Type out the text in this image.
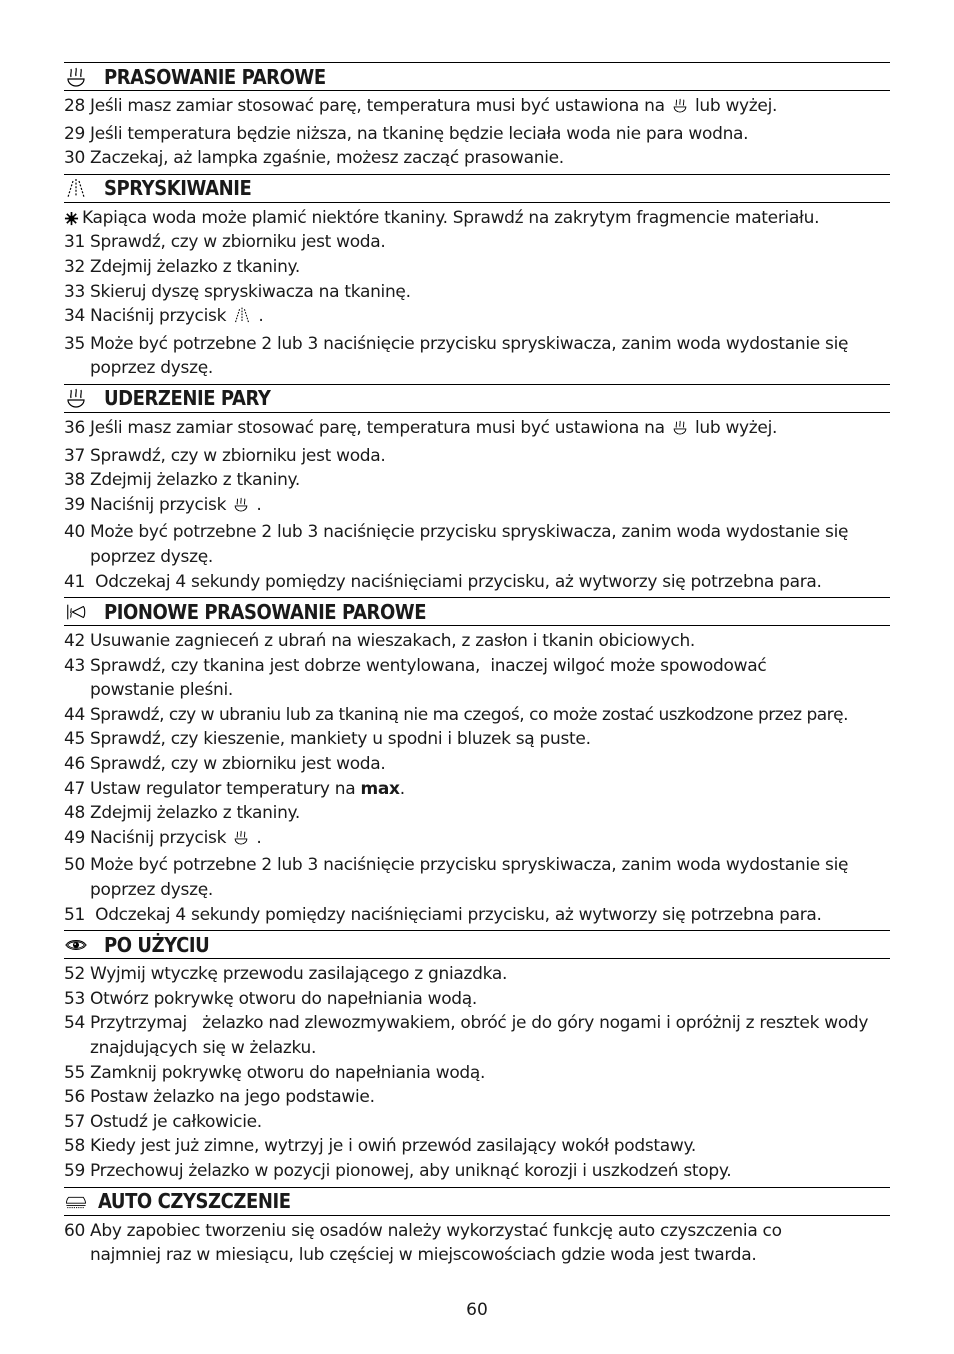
PRASOWANIE PAROWE
28 Jeśli masz zamiar stosować parę, temperatura musi być ustawiona na  lub wyżej.
29 Jeśli temperatura będzie niższa, na tkaninę będzie leciała woda nie para wodna.
30 Zaczekaj, aż lampka zgaśnie, możesz zacząć prasowanie.
SPRYSKIWANIE
Kapiąca woda może plamić niektóre tkaniny. Sprawdź na zakrytym fragmencie materiału.
31 Sprawdź, czy w zbiorniku jest woda.
32 Zdejmij żelazko z tkaniny.
33 Skieruj dyszę spryskiwacza na tkaninę.
34 Naciśnij przycisk  .
35 Może być potrzebne 2 lub 3 naciśnięcie przycisku spryskiwacza, zanim woda wydostanie się poprzez dyszę.
UDERZENIE PARY
36 Jeśli masz zamiar stosować parę, temperatura musi być ustawiona na  lub wyżej.
37 Sprawdź, czy w zbiorniku jest woda.
38 Zdejmij żelazko z tkaniny.
39 Naciśnij przycisk  .
40 Może być potrzebne 2 lub 3 naciśnięcie przycisku spryskiwacza, zanim woda wydostanie się poprzez dyszę.
41 Odczekaj 4 sekundy pomiędzy naciśnięciami przycisku, aż wytworzy się potrzebna para.
PIONOWE PRASOWANIE PAROWE
42 Usuwanie zagnieceń z ubrań na wieszakach, z zasłon i tkanin obiciowych.
43 Sprawdź, czy tkanina jest dobrze wentylowana,  inaczej wilgoć może spowodować powstanie pleśni.
44 Sprawdź, czy w ubraniu lub za tkaniną nie ma czegoś, co może zostać uszkodzone przez parę.
45 Sprawdź, czy kieszenie, mankiety u spodni i bluzek są puste.
46 Sprawdź, czy w zbiorniku jest woda.
47 Ustaw regulator temperatury na max.
48 Zdejmij żelazko z tkaniny.
49 Naciśnij przycisk  .
50 Może być potrzebne 2 lub 3 naciśnięcie przycisku spryskiwacza, zanim woda wydostanie się poprzez dyszę.
51 Odczekaj 4 sekundy pomiędzy naciśnięciami przycisku, aż wytworzy się potrzebna para.
PO UŻYCIU
52 Wyjmij wtyczkę przewodu zasilającego z gniazdka.
53 Otwórz pokrywkę otworu do napełniania wodą.
54 Przytrzymaj   żelazko nad zlewozmywakiem, obróć je do góry nogami i opróżnij z resztek wody znajdujących się w żelazku.
55 Zamknij pokrywkę otworu do napełniania wodą.
56 Postaw żelazko na jego podstawie.
57 Ostudź je całkowicie.
58 Kiedy jest już zimne, wytrzyj je i owiń przewód zasilający wokół podstawy.
59 Przechowuj żelazko w pozycji pionowej, aby uniknąć korozji i uszkodzeń stopy.
AUTO CZYSZCZENIE
60 Aby zapobiec tworzeniu się osadów należy wykorzystać funkcję auto czyszczenia co najmniej raz w miesiącu, lub częściej w miejscowościach gdzie woda jest twarda.
60
